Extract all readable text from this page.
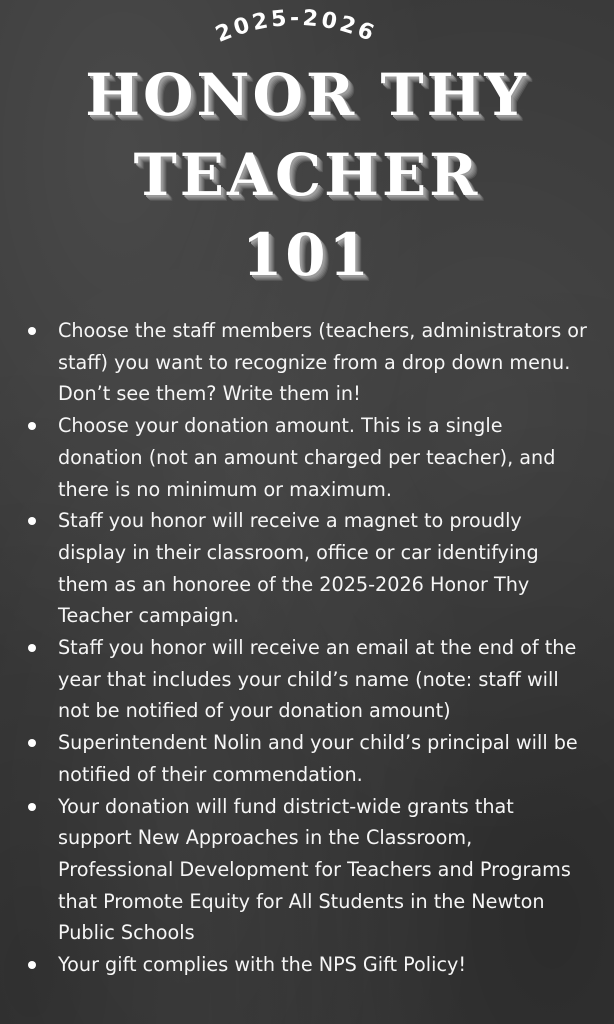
2025-2026
HONOR THY
TEACHER
101
Choose the staff members (teachers, administrators or staff) you want to recognize from a drop down menu. Don’t see them? Write them in!
Choose your donation amount. This is a single donation (not an amount charged per teacher), and there is no minimum or maximum.
Staff you honor will receive a magnet to proudly display in their classroom, office or car identifying them as an honoree of the 2025-2026 Honor Thy Teacher campaign.
Staff you honor will receive an email at the end of the year that includes your child’s name (note: staff will not be notified of your donation amount)
Superintendent Nolin and your child’s principal will be notified of their commendation.
Your donation will fund district-wide grants that support New Approaches in the Classroom, Professional Development for Teachers and Programs that Promote Equity for All Students in the Newton Public Schools
Your gift complies with the NPS Gift Policy!
